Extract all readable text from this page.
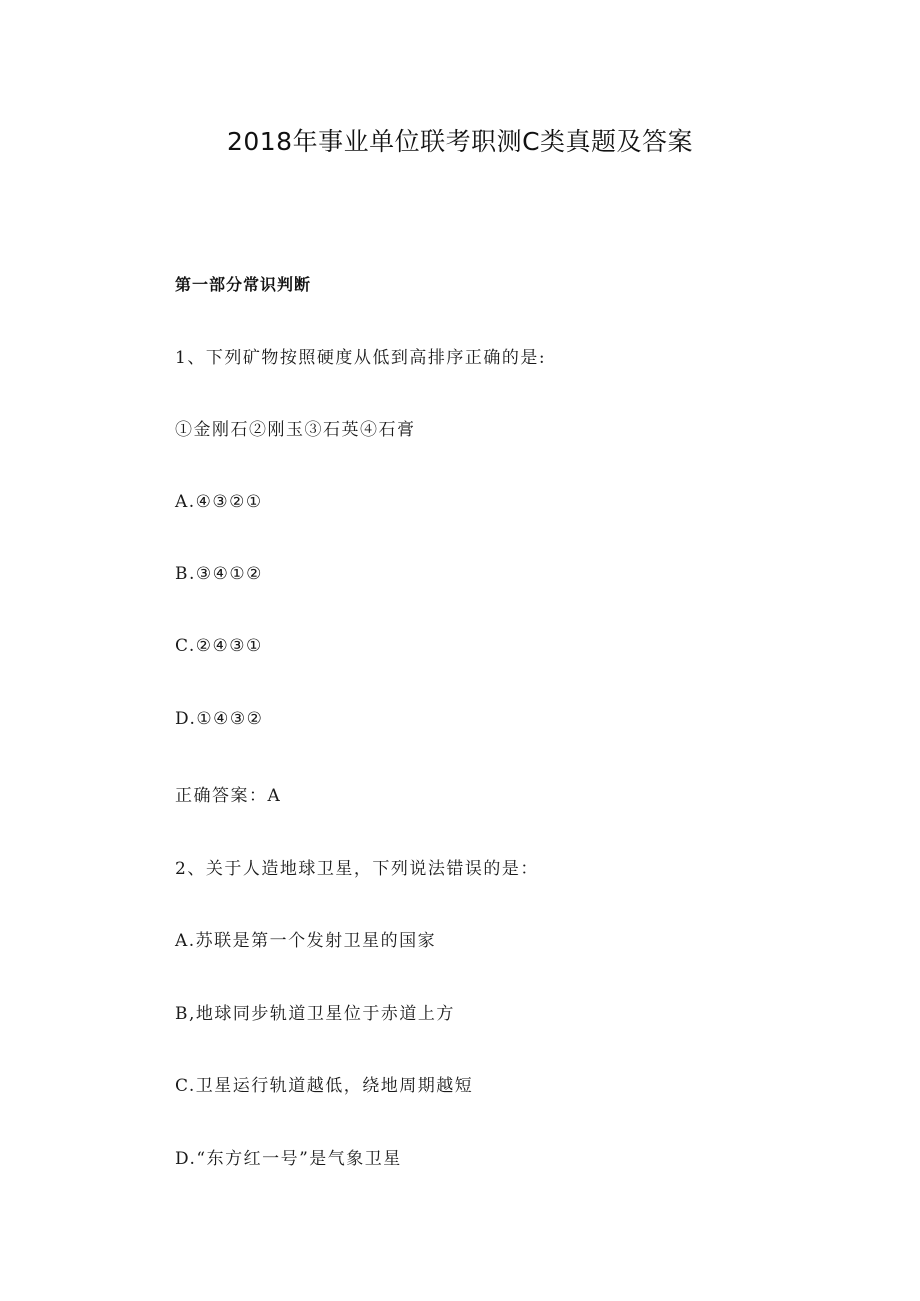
2018年事业单位联考职测C类真题及答案
第一部分常识判断
1、下列矿物按照硬度从低到高排序正确的是:
①金刚石②刚玉③石英④石膏
A.④③②①
B.③④①②
C.②④③①
D.①④③②
正确答案：A
2、关于人造地球卫星，下列说法错误的是：
A.苏联是第一个发射卫星的国家
B,地球同步轨道卫星位于赤道上方
C.卫星运行轨道越低，绕地周期越短
D.“东方红一号”是气象卫星
